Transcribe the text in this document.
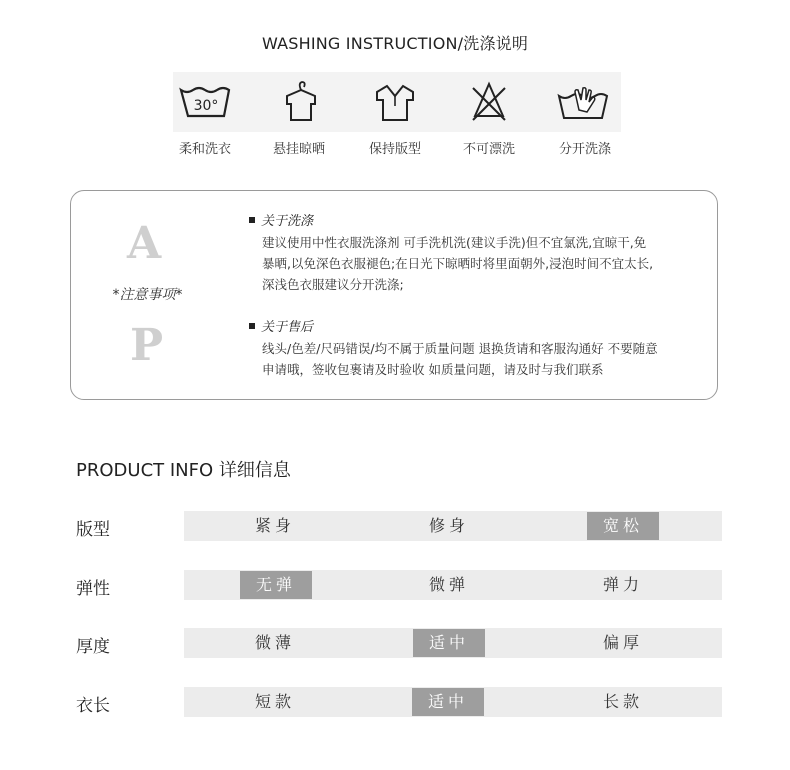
WASHING INSTRUCTION/洗涤说明
30°
柔和洗衣	悬挂晾晒	保持版型	不可漂洗	分开洗涤
A
*注意事项*
P
关于洗涤
建议使用中性衣服洗涤剂 可手洗机洗(建议手洗)但不宜氯洗,宜晾干,免
暴晒,以免深色衣服褪色;在日光下晾晒时将里面朝外,浸泡时间不宜太长,
深浅色衣服建议分开洗涤;
关于售后
线头/色差/尺码错误/均不属于质量问题 退换货请和客服沟通好 不要随意
申请哦，签收包裹请及时验收 如质量问题，请及时与我们联系
PRODUCT INFO 详细信息
版型	紧身	修身	宽松
弹性	无弹	微弹	弹力
厚度	微薄	适中	偏厚
衣长	短款	适中	长款
